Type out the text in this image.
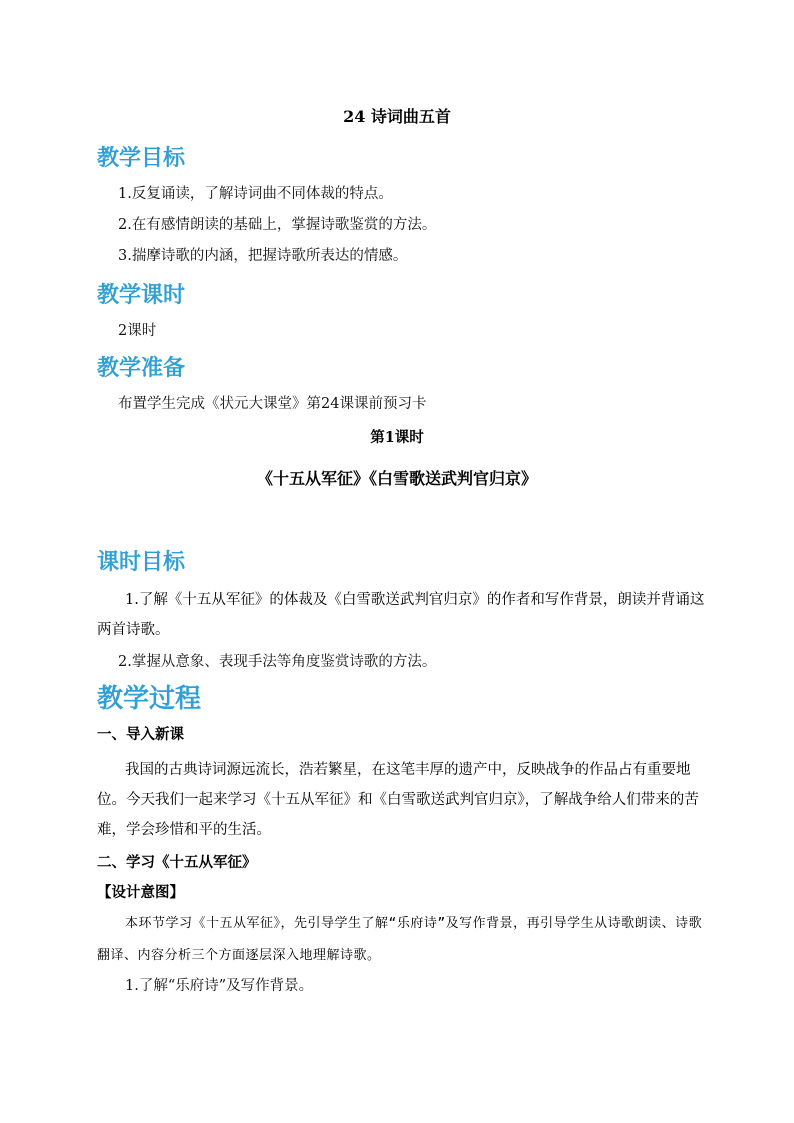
24 诗词曲五首

教学目标

1.反复诵读，了解诗词曲不同体裁的特点。

2.在有感情朗读的基础上，掌握诗歌鉴赏的方法。

3.揣摩诗歌的内涵，把握诗歌所表达的情感。

教学课时

2课时

教学准备

布置学生完成《状元大课堂》第24课课前预习卡

第1课时

《十五从军征》《白雪歌送武判官归京》

课时目标

1.了解《十五从军征》的体裁及《白雪歌送武判官归京》的作者和写作背景，朗读并背诵这两首诗歌。

2.掌握从意象、表现手法等角度鉴赏诗歌的方法。

教学过程

一、导入新课

我国的古典诗词源远流长，浩若繁星，在这笔丰厚的遗产中，反映战争的作品占有重要地位。今天我们一起来学习《十五从军征》和《白雪歌送武判官归京》，了解战争给人们带来的苦难，学会珍惜和平的生活。

二、学习《十五从军征》

【设计意图】

本环节学习《十五从军征》，先引导学生了解“乐府诗”及写作背景，再引导学生从诗歌朗读、诗歌翻译、内容分析三个方面逐层深入地理解诗歌。

1.了解“乐府诗”及写作背景。
